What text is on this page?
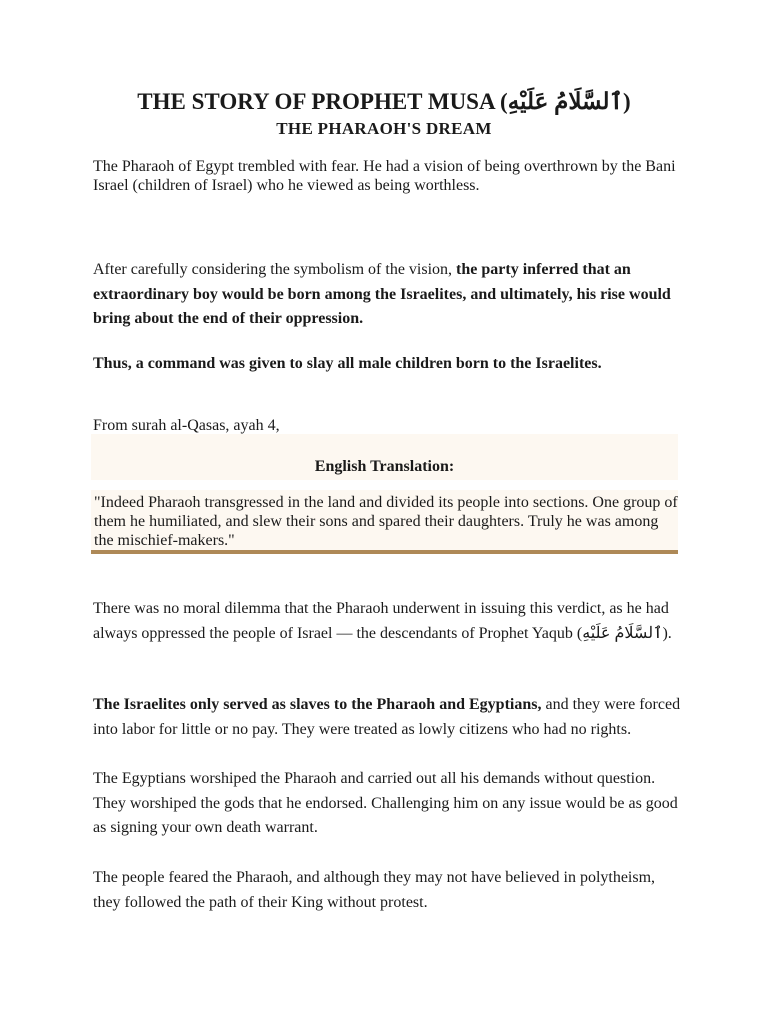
THE STORY OF PROPHET MUSA (ٱلسَّلَامُ عَلَيْهِ)
THE PHARAOH'S DREAM

The Pharaoh of Egypt trembled with fear. He had a vision of being overthrown by the Bani Israel (children of Israel) who he viewed as being worthless.

After carefully considering the symbolism of the vision, the party inferred that an extraordinary boy would be born among the Israelites, and ultimately, his rise would bring about the end of their oppression.

Thus, a command was given to slay all male children born to the Israelites.

From surah al-Qasas, ayah 4,

English Translation:
"Indeed Pharaoh transgressed in the land and divided its people into sections. One group of them he humiliated, and slew their sons and spared their daughters. Truly he was among the mischief-makers."

There was no moral dilemma that the Pharaoh underwent in issuing this verdict, as he had always oppressed the people of Israel — the descendants of Prophet Yaqub (ٱلسَّلَامُ عَلَيْهِ).

The Israelites only served as slaves to the Pharaoh and Egyptians, and they were forced into labor for little or no pay. They were treated as lowly citizens who had no rights.

The Egyptians worshiped the Pharaoh and carried out all his demands without question. They worshiped the gods that he endorsed. Challenging him on any issue would be as good as signing your own death warrant.

The people feared the Pharaoh, and although they may not have believed in polytheism, they followed the path of their King without protest.
